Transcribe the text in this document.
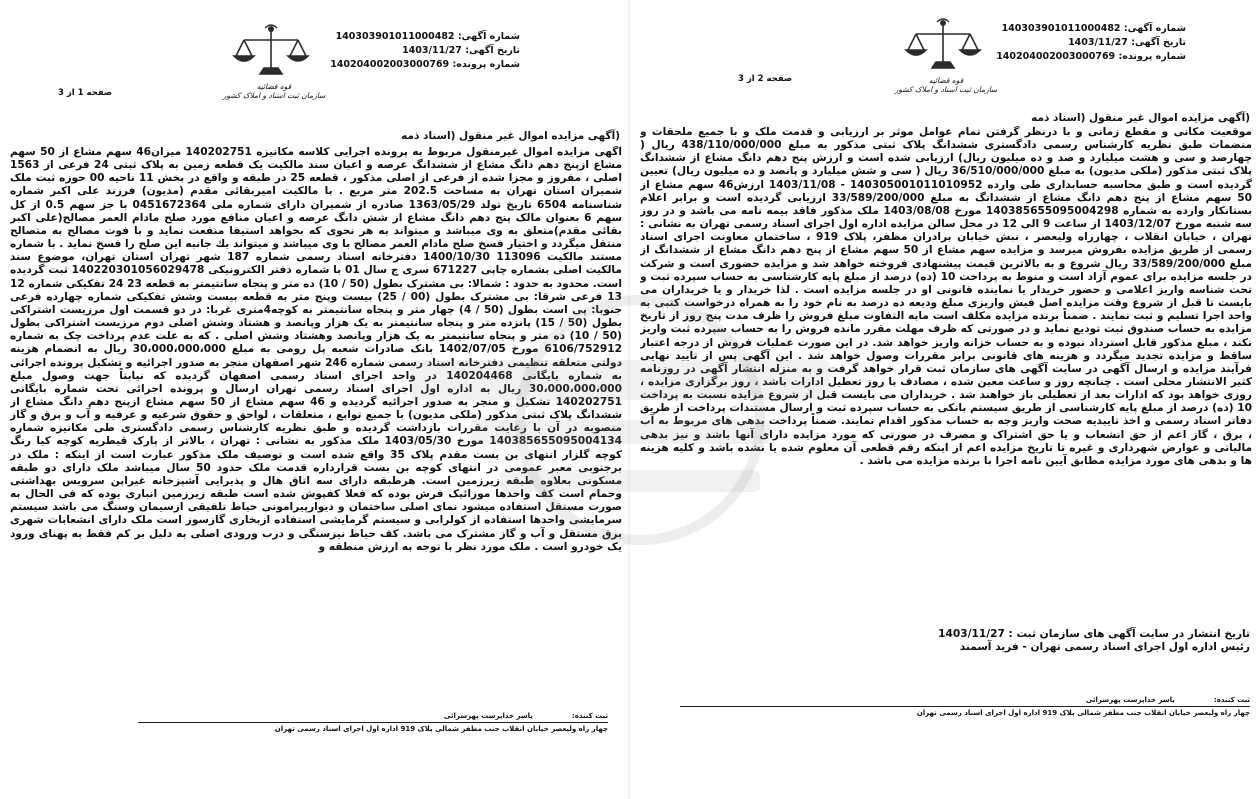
شماره آگهی: 140303901011000482
تاریخ آگهی: 1403/11/27
شماره پرونده: 140204002003000769
قوه قضائیه
سازمان ثبت اسناد و املاک کشور
صفحه 1 از 3
(آگهی مزایده اموال غیر منقول (اسناد ذمه

آگهی مزایده اموال غیرمنقول مربوط به پرونده اجرایی کلاسه مکانیزه 140202751 میزان46 سهم مشاع از 50 سهم مشاع ازپنج دهم دانگ مشاع از ششدانگ عرصه و اعیان سند مالکیت یک قطعه زمین به پلاک ثبتی 24 فرعی از 1563 اصلی ، مفروز و مجزا شده از فرعی از اصلی مذکور ، قطعه 25 در طبقه و واقع در بخش 11 ناحیه 00 حوزه ثبت ملک شمیران استان تهران به مساحت 202.5 متر مربع . با مالکیت امیربقائی مقدم (مدیون) فرزند علی اکبر شماره شناسنامه 6504 تاریخ تولد 1363/05/29 صادره از شمیران دارای شماره ملی 0451672364 با جز سهم 0.5 از کل سهم 6 بعنوان مالک پنج دهم دانگ مشاع از شش دانگ عرصه و اعیان منافع مورد صلح مادام العمر مصالح(علی اکبر بقائی مقدم)متعلق به وی میباشد و میتواند به هر نحوی که بخواهد استیفا منفعت نماید و با فوت مصالح به متصالح منتقل میگردد و اختیار فسخ صلح مادام العمر مصالح با وی میباشد و میتواند یك جانبه این صلح را فسخ نماید . با شماره مستند مالکیت 113096 1400/10/30 دفترخانه اسناد رسمی شماره 187 شهر تهران استان تهران، موضوع سند مالکیت اصلی بشماره چاپی 671227 سری ج سال 01 با شماره دفتر الکترونیکی 140220301056029478 ثبت گردیده است. محدود به حدود : شمالا: بی مشترک بطول (50 / 10) ده متر و پنجاه سانتیمتر به قطعه 23 24 تفکیکی شماره 12 13 فرعی شرقا: بی مشترک بطول (00 / 25) بیست وپنج متر به قطعه بیست وشش تفکیکی شماره چهارده فرعی جنوبا: پی است بطول (50 / 4) چهار متر و پنجاه سانتیمتر به کوچه4متری غربا: در دو قسمت اول مرزیست اشتراکی بطول (50 / 15) پانزده متر و پنجاه سانتیمتر به یک هزار وپانصد و هشتاد وشش اصلی دوم مرزیست اشتراکی بطول (50 / 10) ده متر و پنجاه سانتیمتر به یک هزار وپانصد وهشتاد وشش اصلی . که به علت عدم پرداخت چک به شماره 6106/752912 مورخ 1402/07/05 بانک صادرات شعبه پل رومی به مبلغ 30،000،000،000 ریال به انضمام هزینه دولتی متعلقه تنظیمی دفترخانه اسناد رسمی شماره 246 شهر اصفهان منجر به صدور اجرائیه و تشکیل پرونده اجرائی به شماره بایگانی 140204468 در واحد اجرای اسناد رسمی اصفهان گردیده که نیابتاً جهت وصول مبلغ 30،000،000،000 ریال به اداره اول اجرای اسناد رسمی تهران ارسال و پرونده اجرائی تحت شماره بایگانی 140202751 تشکیل و منجر به صدور اجرائیه گردیده و 46 سهم مشاع از 50 سهم مشاع ازپنج دهم دانگ مشاع از ششدانگ پلاک ثبتی مذکور (ملکی مدیون) با جمیع توابع ، متعلقات ، لواحق و حقوق شرعیه و عرفیه و آب و برق و گاز منصوبه در آن با رعایت مقررات بازداشت گردیده و طبق نظریه کارشناس رسمی دادگستری طی مکانیزه شماره 140385655095004134 مورخ 1403/05/30 ملک مذکور به نشانی : تهران ، بالاتر از پارک قیطریه کوچه کیا رنگ کوچه گلزار انتهای بن بست مقدم پلاک 35 واقع شده است و توصیف ملک مذکور عبارت است از اینکه : ملک در برجنوبی معبر عمومی در انتهای کوچه بن بست قرارداره قدمت ملک حدود 50 سال میباشد ملک دارای دو طبقه مسکونی بعلاوه طبقه زیرزمین است. هرطبقه دارای سه اتاق هال و پذیرایی آشپزخانه غیراپن سرویس بهداشتی وحمام است کف واحدها موزائیک فرش بوده که فعلا کفپوش شده است طبقه زیرزمین انباری بوده که فی الحال به صورت مستقل استفاده میشود نمای اصلی ساختمان و دیوارپیرامونی حیاط تلفیقی ازسیمان وسنگ می باشد سیستم سرمایشی واحدها استفاده از کولرابی و سیستم گرمایشی استفاده ازبخاری گازسوز است ملک دارای انشعابات شهری برق مستقل و آب و گاز مشترک می باشد. کف حیاط نیزسنگی و درب ورودی اصلی به دلیل بر کم فقط به پهنای ورود یک خودرو است . ملک مورد نظر با توجه به ارزش منطقه و

ثبت کننده:                یاسر خداپرست پهرسرائی
چهار راه ولیعصر خیابان انقلاب جنب مظفر شمالی پلاک 919 اداره اول اجرای اسناد رسمی تهران
شماره آگهی: 140303901011000482
تاریخ آگهی: 1403/11/27
شماره پرونده: 140204002003000769
قوه قضائیه
سازمان ثبت اسناد و املاک کشور
صفحه 2 از 3
(آگهی مزایده اموال غیر منقول (اسناد ذمه

موقعیت مکانی و مقطع زمانی و با درنظر گرفتن تمام عوامل موثر بر ارزیابی و قدمت ملک و با جمیع ملحقات و منضمات طبق نظریه کارشناس رسمی دادگستری ششدانگ پلاک ثبتی مذکور به مبلغ 438/110/000/000 ریال ( چهارصد و سی و هشت میلیارد و صد و ده میلیون ریال) ارزیابی شده است و ارزش پنج دهم دانگ مشاع از ششدانگ پلاک ثبتی مذکور (ملکی مدیون) به مبلغ 36/510/000/000 ریال ( سی و شش میلیارد و پانصد و ده میلیون ریال) تعیین گردیده است و طبق محاسبه حسابداری طی وارده 140305001011010952 - 1403/11/08 ارزش46 سهم مشاع از 50 سهم مشاع از پنج دهم دانگ مشاع از ششدانگ به مبلغ 33/589/200/000 ارزیابی گردیده است و برابر اعلام بستانکار وارده به شماره 140385655095004298 مورخ 1403/08/08 ملک مذکور فاقد بیمه نامه می باشد و در روز سه شنبه مورخ 1403/12/07 از ساعت 9 الی 12 در محل سالن مزایده اداره اول اجرای اسناد رسمی تهران به نشانی : تهران ، خیابان انقلاب ، چهارراه ولیعصر ، نبش خیابان برادران مظفر، پلاک 919 ، ساختمان معاونت اجرای اسناد رسمی از طریق مزایده بفروش میرسد و مزایده سهم مشاع از 50 سهم مشاع از پنج دهم دانگ مشاع از ششدانگ از مبلغ 33/589/200/000 ریال شروع و به بالاترین قیمت پیشنهادی فروخته خواهد شد و مزایده حضوری است و شرکت در جلسه مزایده برای عموم آزاد است و منوط به پرداخت 10 (ده) درصد از مبلغ پایه کارشناسی به حساب سپرده ثبت و تحت شناسه واریز اعلامی و حضور خریدار یا نماینده قانونی او در جلسه مزایده است . لذا خریدار و یا خریداران می بایست تا قبل از شروع وقت مزایده اصل فیش واریزی مبلغ ودیعه ده درصد به نام خود را به همراه درخواست کتبی به واحد اجرا تسلیم و ثبت نمایند . ضمناً برنده مزایده مکلف است مابه التفاوت مبلغ فروش را ظرف مدت پنج روز از تاریخ مزایده به حساب صندوق ثبت تودیع نماید و در صورتی که ظرف مهلت مقرر مانده فروش را به حساب سپرده ثبت واریز نکند ، مبلغ مذکور قابل استرداد نبوده و به حساب خزانه واریز خواهد شد. در این صورت عملیات فروش از درجه اعتبار ساقط و مزایده تجدید میگردد و هزینه های قانونی برابر مقررات وصول خواهد شد . این آگهی پس از تایید نهایی فرآیند مزایده و ارسال آگهی در سایت آگهی های سازمان ثبت قرار خواهد گرفت و به منزله انتشار آگهی در روزنامه کثیر الانتشار محلی است . چنانچه روز و ساعت معین شده ، مصادف با روز تعطیل ادارات باشد ، روز برگزاری مزایده ، روزی خواهد بود که ادارات بعد از تعطیلی باز خواهند شد . خریداران می بایست قبل از شروع مزایده نسبت به پرداخت 10 (ده) درصد از مبلغ پایه کارشناسی از طریق سیستم بانکی به حساب سپرده ثبت و ارسال مستندات پرداخت از طریق دفاتر اسناد رسمی و اخذ تاییدیه صحت واریز وجه به حساب مذکور اقدام نمایند. ضمناً پرداخت بدهی های مربوط به آب ، برق ، گاز اعم از حق انشعاب و یا حق اشتراک و مصرف در صورتی که مورد مزایده دارای آنها باشد و نیز بدهی مالیاتی و عوارض شهرداری و غیره تا تاریخ مزایده اعم از اینکه رقم قطعی آن معلوم شده یا نشده باشد و کلیه هزینه ها و بدهی های مورد مزایده مطابق آیین نامه اجرا با برنده مزایده می باشد .

تاریخ انتشار در سایت آگهی های سازمان ثبت : 1403/11/27
رئیس اداره اول اجرای اسناد رسمی تهران - فرید آسمند
ثبت کننده:                یاسر خداپرست پهرسرائی
چهار راه ولیعصر خیابان انقلاب جنب مظفر شمالی پلاک 919 اداره اول اجرای اسناد رسمی تهران
